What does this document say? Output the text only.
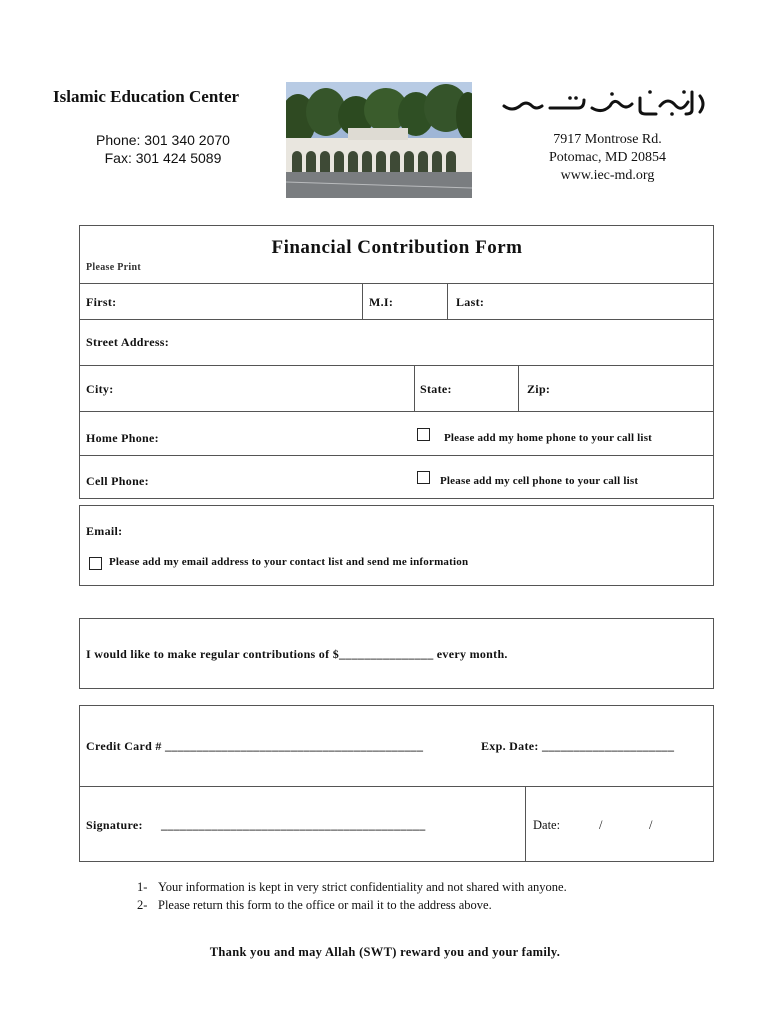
Islamic Education Center
Phone: 301 340 2070
Fax: 301 424 5089
7917 Montrose Rd.
Potomac, MD 20854
www.iec-md.org
Financial Contribution Form
Please Print
First:	M.I:	Last:
Street Address:
City:	State:	Zip:
Home Phone:	Please add my home phone to your call list
Cell Phone:	Please add my cell phone to your call list
Email:
Please add my email address to your contact list and send me information
I would like to make regular contributions of $_______________ every month.
Credit Card # _________________________________________	Exp. Date: _____________________
Signature: __________________________________________	Date:	/	/
1- Your information is kept in very strict confidentiality and not shared with anyone.
2- Please return this form to the office or mail it to the address above.
Thank you and may Allah (SWT) reward you and your family.
